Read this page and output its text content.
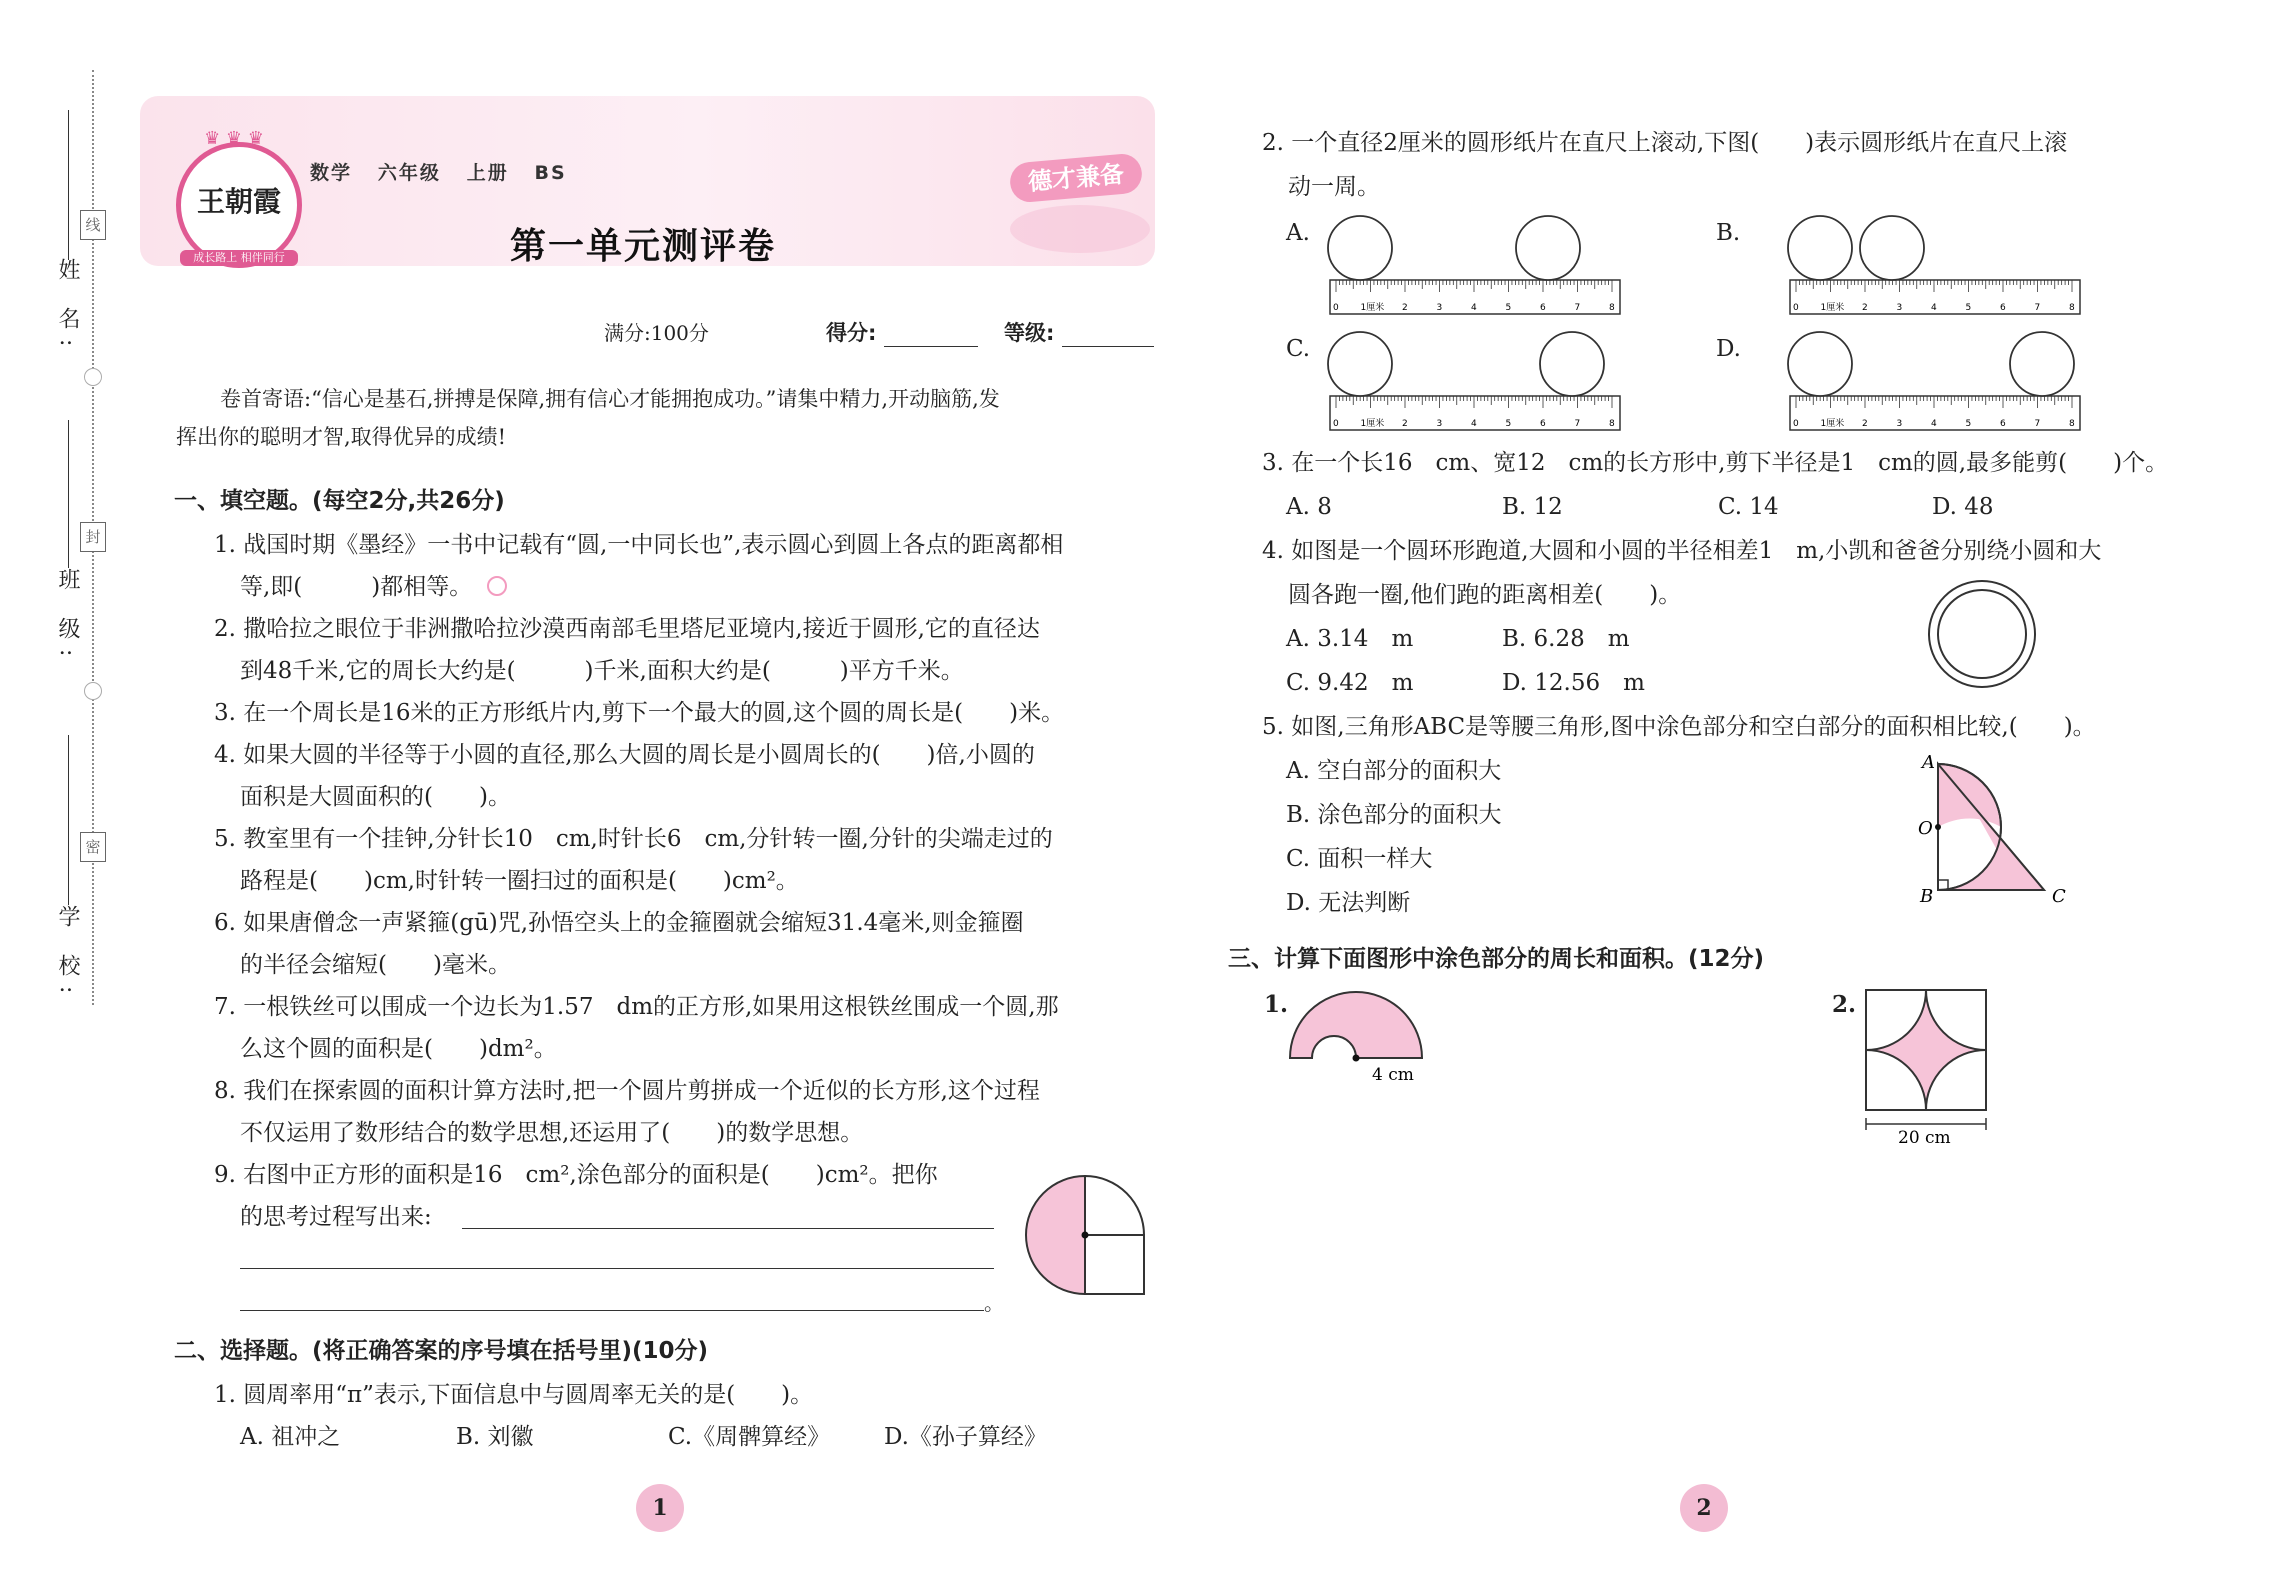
姓 名:
班 级:
学 校:
线
封
密
♛ ♛ ♛
王朝霞
成长路上 相伴同行
数学   六年级   上册   BS
第一单元测评卷
德才兼备
满分:100分	得分:	等级:
卷首寄语:“信心是基石,拼搏是保障,拥有信心才能拥抱成功。”请集中精力,开动脑筋,发
挥出你的聪明才智,取得优异的成绩!
一、填空题。(每空2分,共26分)
1. 战国时期《墨经》一书中记载有“圆,一中同长也”,表示圆心到圆上各点的距离都相
等,即(　　　)都相等。
2. 撒哈拉之眼位于非洲撒哈拉沙漠西南部毛里塔尼亚境内,接近于圆形,它的直径达
到48千米,它的周长大约是(　　　)千米,面积大约是(　　　)平方千米。
3. 在一个周长是16米的正方形纸片内,剪下一个最大的圆,这个圆的周长是(　　)米。
4. 如果大圆的半径等于小圆的直径,那么大圆的周长是小圆周长的(　　)倍,小圆的
面积是大圆面积的(　　)。
5. 教室里有一个挂钟,分针长10　cm,时针长6　cm,分针转一圈,分针的尖端走过的
路程是(　　)cm,时针转一圈扫过的面积是(　　)cm²。
6. 如果唐僧念一声紧箍(gū)咒,孙悟空头上的金箍圈就会缩短31.4毫米,则金箍圈
的半径会缩短(　　)毫米。
7. 一根铁丝可以围成一个边长为1.57　dm的正方形,如果用这根铁丝围成一个圆,那
么这个圆的面积是(　　)dm²。
8. 我们在探索圆的面积计算方法时,把一个圆片剪拼成一个近似的长方形,这个过程
不仅运用了数形结合的数学思想,还运用了(　　)的数学思想。
9. 右图中正方形的面积是16　cm²,涂色部分的面积是(　　)cm²。把你
的思考过程写出来:
。
二、选择题。(将正确答案的序号填在括号里)(10分)
1. 圆周率用“π”表示,下面信息中与圆周率无关的是(　　)。
A. 祖冲之	B. 刘徽	C.《周髀算经》 D.《孙子算经》
1
2. 一个直径2厘米的圆形纸片在直尺上滚动,下图(　　)表示圆形纸片在直尺上滚
动一周。
A.	B.
C.	D.
0 1厘米 2	3	4	5	6	7	8	0 1厘米 2	3	4	5	6	7	8
0 1厘米 2	3	4	5	6	7	8	0 1厘米 2	3	4	5	6	7	8
3. 在一个长16　cm、宽12　cm的长方形中,剪下半径是1　cm的圆,最多能剪(　　)个。
A. 8	B. 12	C. 14	D. 48
4. 如图是一个圆环形跑道,大圆和小圆的半径相差1　m,小凯和爸爸分别绕小圆和大
圆各跑一圈,他们跑的距离相差(　　)。
A. 3.14　m	B. 6.28　m
C. 9.42　m	D. 12.56　m
5. 如图,三角形ABC是等腰三角形,图中涂色部分和空白部分的面积相比较,(　　)。
A. 空白部分的面积大
B. 涂色部分的面积大
C. 面积一样大
D. 无法判断
A
O
B	C
三、计算下面图形中涂色部分的周长和面积。(12分)
1.
4 cm
2.
20 cm
2
